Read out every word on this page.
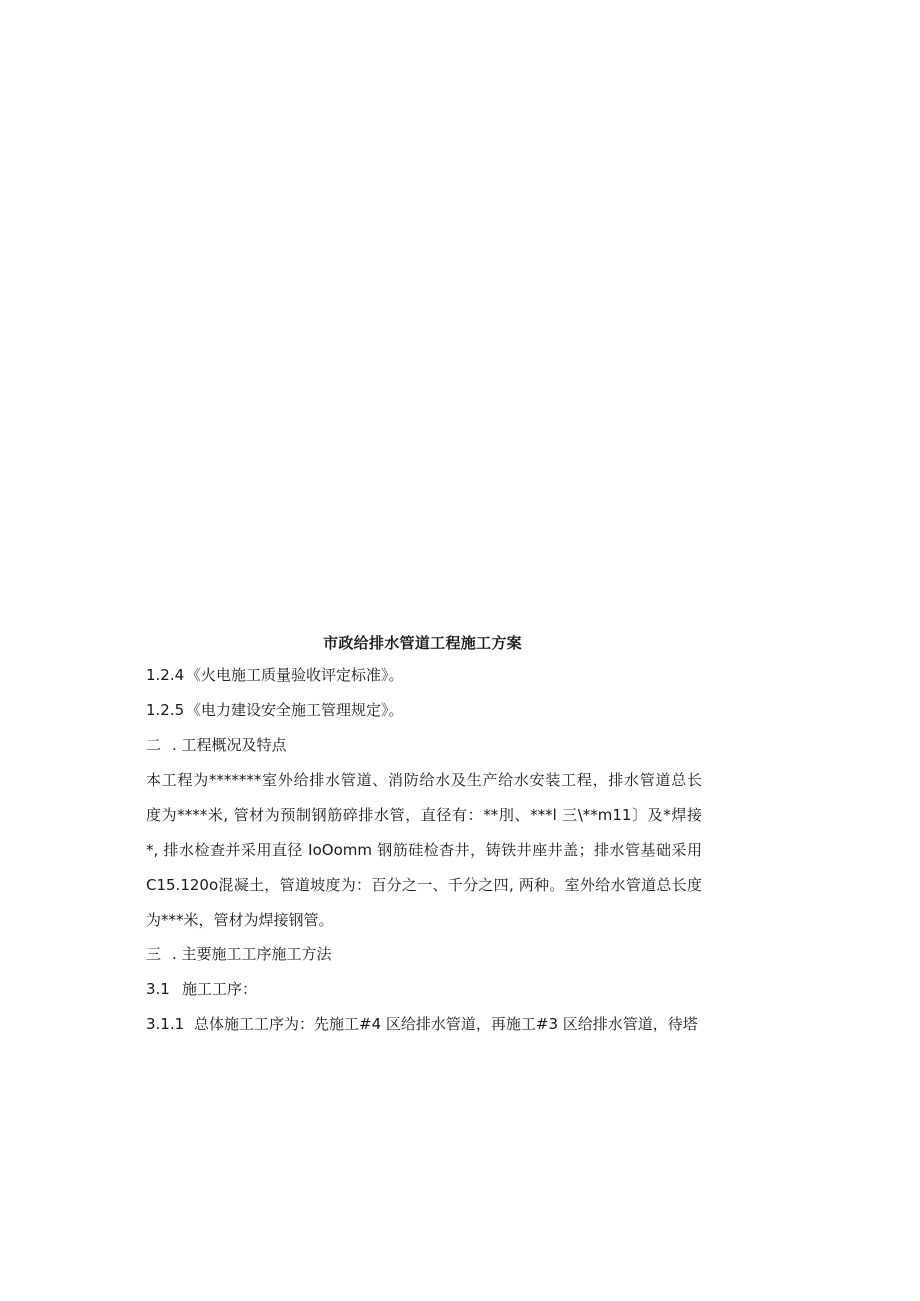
市政给排水管道工程施工方案
1.2.4 《火电施工质量验收评定标准》。
1.2.5 《电力建设安全施工管理规定》。
二 . 工程概况及特点
本工程为*******室外给排水管道、消防给水及生产给水安装工程，排水管道总长
度为****米, 管材为预制钢筋碎排水管，直径有：**刖、***l 三\**m11〕及*焊接
*, 排水检查并采用直径 IoOomm 钢筋硅检杳井，铸铁井座井盖；排水管基础采用
C15.120o混凝土，管道坡度为：百分之一、千分之四, 两种。室外给水管道总长度
为***米，管材为焊接钢管。
三 . 主要施工工序施工方法
3.1 施工工序：
3.1.1 总体施工工序为：先施工#4 区给排水管道，再施工#3 区给排水管道，待塔
